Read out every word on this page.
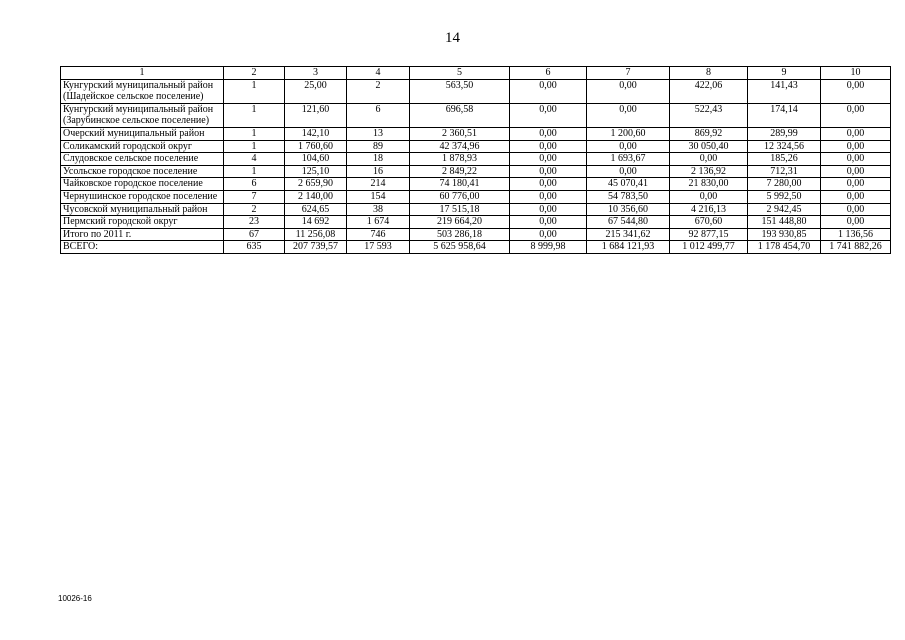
14
1	2	3	4	5	6	7	8	9	10
Кунгурский муниципальный район (Шадейское сельское поселение)	1	25,00	2	563,50	0,00	0,00	422,06	141,43	0,00
Кунгурский муниципальный район (Зарубинское сельское поселение)	1	121,60	6	696,58	0,00	0,00	522,43	174,14	0,00
Очерский муниципальный район	1	142,10	13	2 360,51	0,00	1 200,60	869,92	289,99	0,00
Соликамский городской округ	1	1 760,60	89	42 374,96	0,00	0,00	30 050,40	12 324,56	0,00
Слудовское сельское поселение	4	104,60	18	1 878,93	0,00	1 693,67	0,00	185,26	0,00
Усольское городское поселение	1	125,10	16	2 849,22	0,00	0,00	2 136,92	712,31	0,00
Чайковское городское поселение	6	2 659,90	214	74 180,41	0,00	45 070,41	21 830,00	7 280,00	0,00
Чернушинское городское поселение	7	2 140,00	154	60 776,00	0,00	54 783,50	0,00	5 992,50	0,00
Чусовской муниципальный район	2	624,65	38	17 515,18	0,00	10 356,60	4 216,13	2 942,45	0,00
Пермский городской округ	23	14 692	1 674	219 664,20	0,00	67 544,80	670,60	151 448,80	0,00
Итого по 2011 г.	67	11 256,08	746	503 286,18	0,00	215 341,62	92 877,15	193 930,85	1 136,56
ВСЕГО:	635	207 739,57	17 593	5 625 958,64	8 999,98	1 684 121,93	1 012 499,77	1 178 454,70	1 741 882,26
10026-16
